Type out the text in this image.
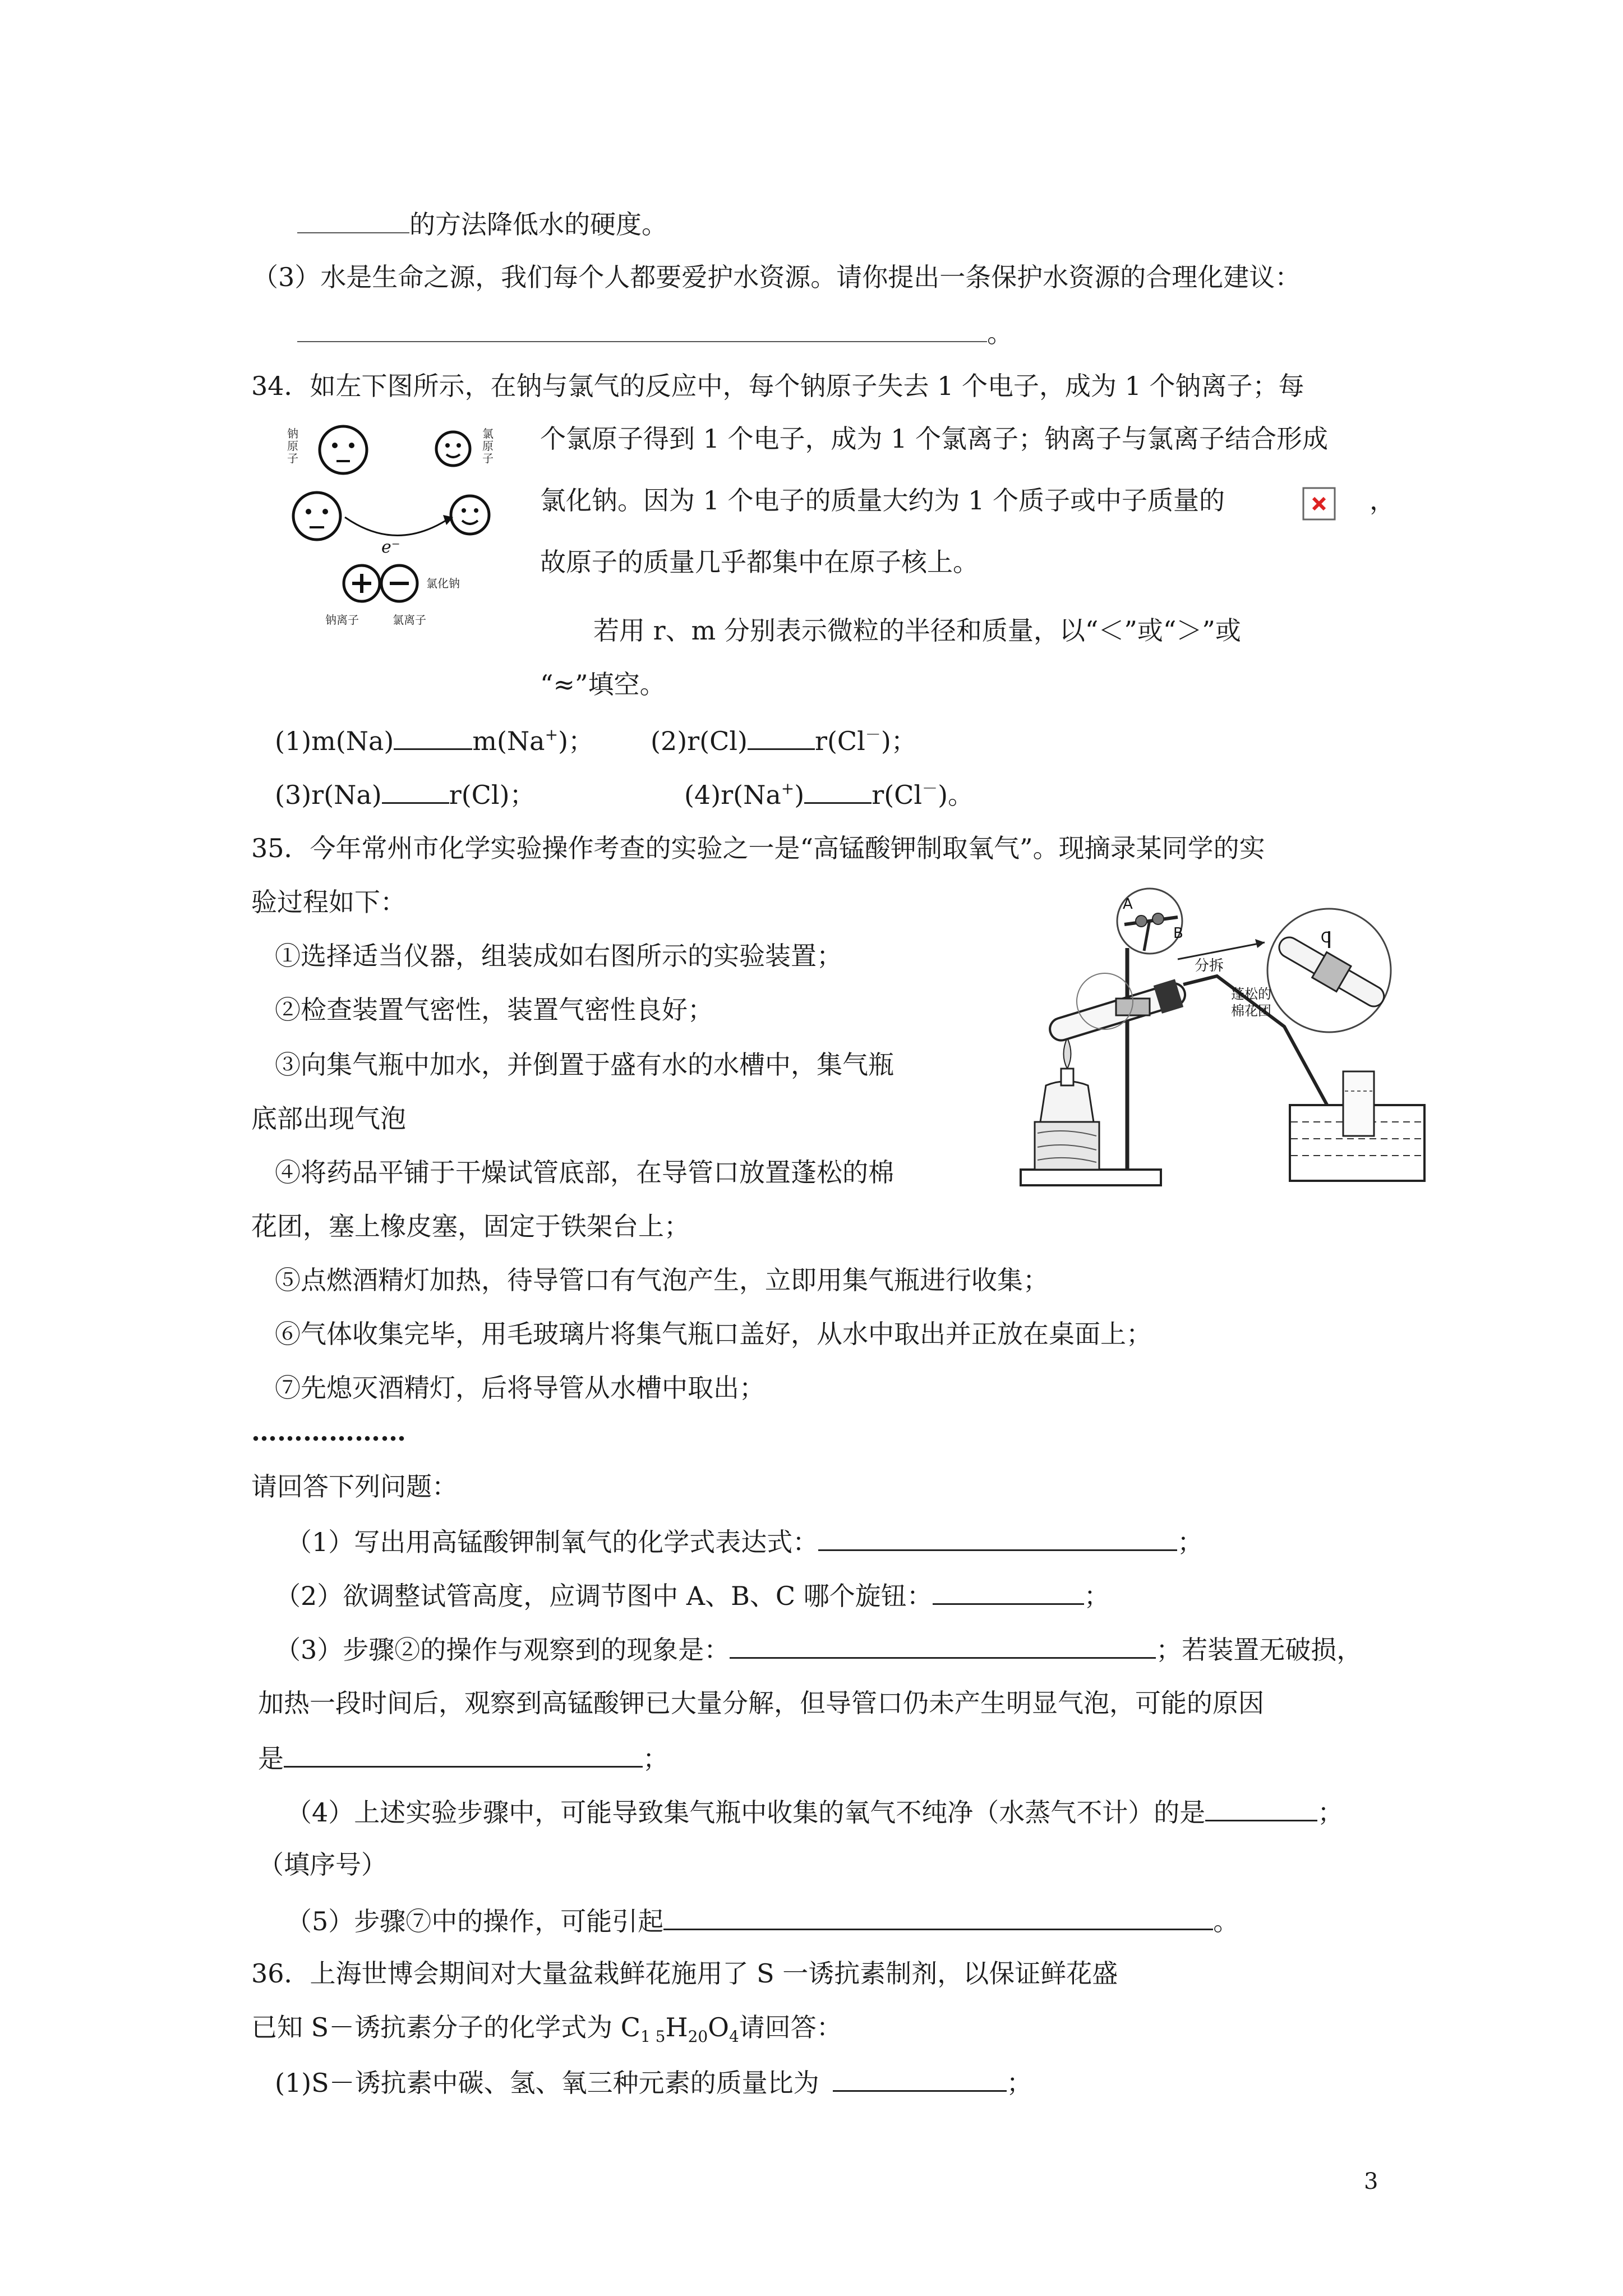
的方法降低水的硬度。
（3）水是生命之源，我们每个人都要爱护水资源。请你提出一条保护水资源的合理化建议：
。
34．如左下图所示，在钠与氯气的反应中，每个钠原子失去 1 个电子，成为 1 个钠离子；每
钠
原
子
氯
原
子
e⁻
氯化钠
钠离子	氯离子
个氯原子得到 1 个电子，成为 1 个氯离子；钠离子与氯离子结合形成
氯化钠。因为 1 个电子的质量大约为 1 个质子或中子质量的	，
故原子的质量几乎都集中在原子核上。
若用 r、m 分别表示微粒的半径和质量，以“＜”或“＞”或
“≈”填空。
(1)m(Na)	m(Na+)； (2)r(Cl)	r(Cl－)；
(3)r(Na)	r(Cl)；	(4)r(Na+)	r(Cl－)。
35．今年常州市化学实验操作考查的实验之一是“高锰酸钾制取氧气”。现摘录某同学的实
验过程如下：
①选择适当仪器，组装成如右图所示的实验装置；
②检查装置气密性，装置气密性良好；
③向集气瓶中加水，并倒置于盛有水的水槽中，集气瓶
底部出现气泡
④将药品平铺于干燥试管底部，在导管口放置蓬松的棉
花团，塞上橡皮塞，固定于铁架台上；
⑤点燃酒精灯加热，待导管口有气泡产生，立即用集气瓶进行收集；
⑥气体收集完毕，用毛玻璃片将集气瓶口盖好，从水中取出并正放在桌面上；
⑦先熄灭酒精灯，后将导管从水槽中取出；
………………
A
B	C
分拆
蓬松的
棉花团
请回答下列问题：
（1）写出用高锰酸钾制氧气的化学式表达式：	；
（2）欲调整试管高度，应调节图中 A、B、C 哪个旋钮：	；
（3）步骤②的操作与观察到的现象是：	；若装置无破损，
加热一段时间后，观察到高锰酸钾已大量分解，但导管口仍未产生明显气泡，可能的原因
是	；
（4）上述实验步骤中，可能导致集气瓶中收集的氧气不纯净（水蒸气不计）的是	；
（填序号）
（5）步骤⑦中的操作，可能引起	。
36．上海世博会期间对大量盆栽鲜花施用了 S 一诱抗素制剂，以保证鲜花盛
已知 S－诱抗素分子的化学式为 $C_{1 5}H_{20}O_4$请回答：
(1)S－诱抗素中碳、氢、氧三种元素的质量比为	；
3
